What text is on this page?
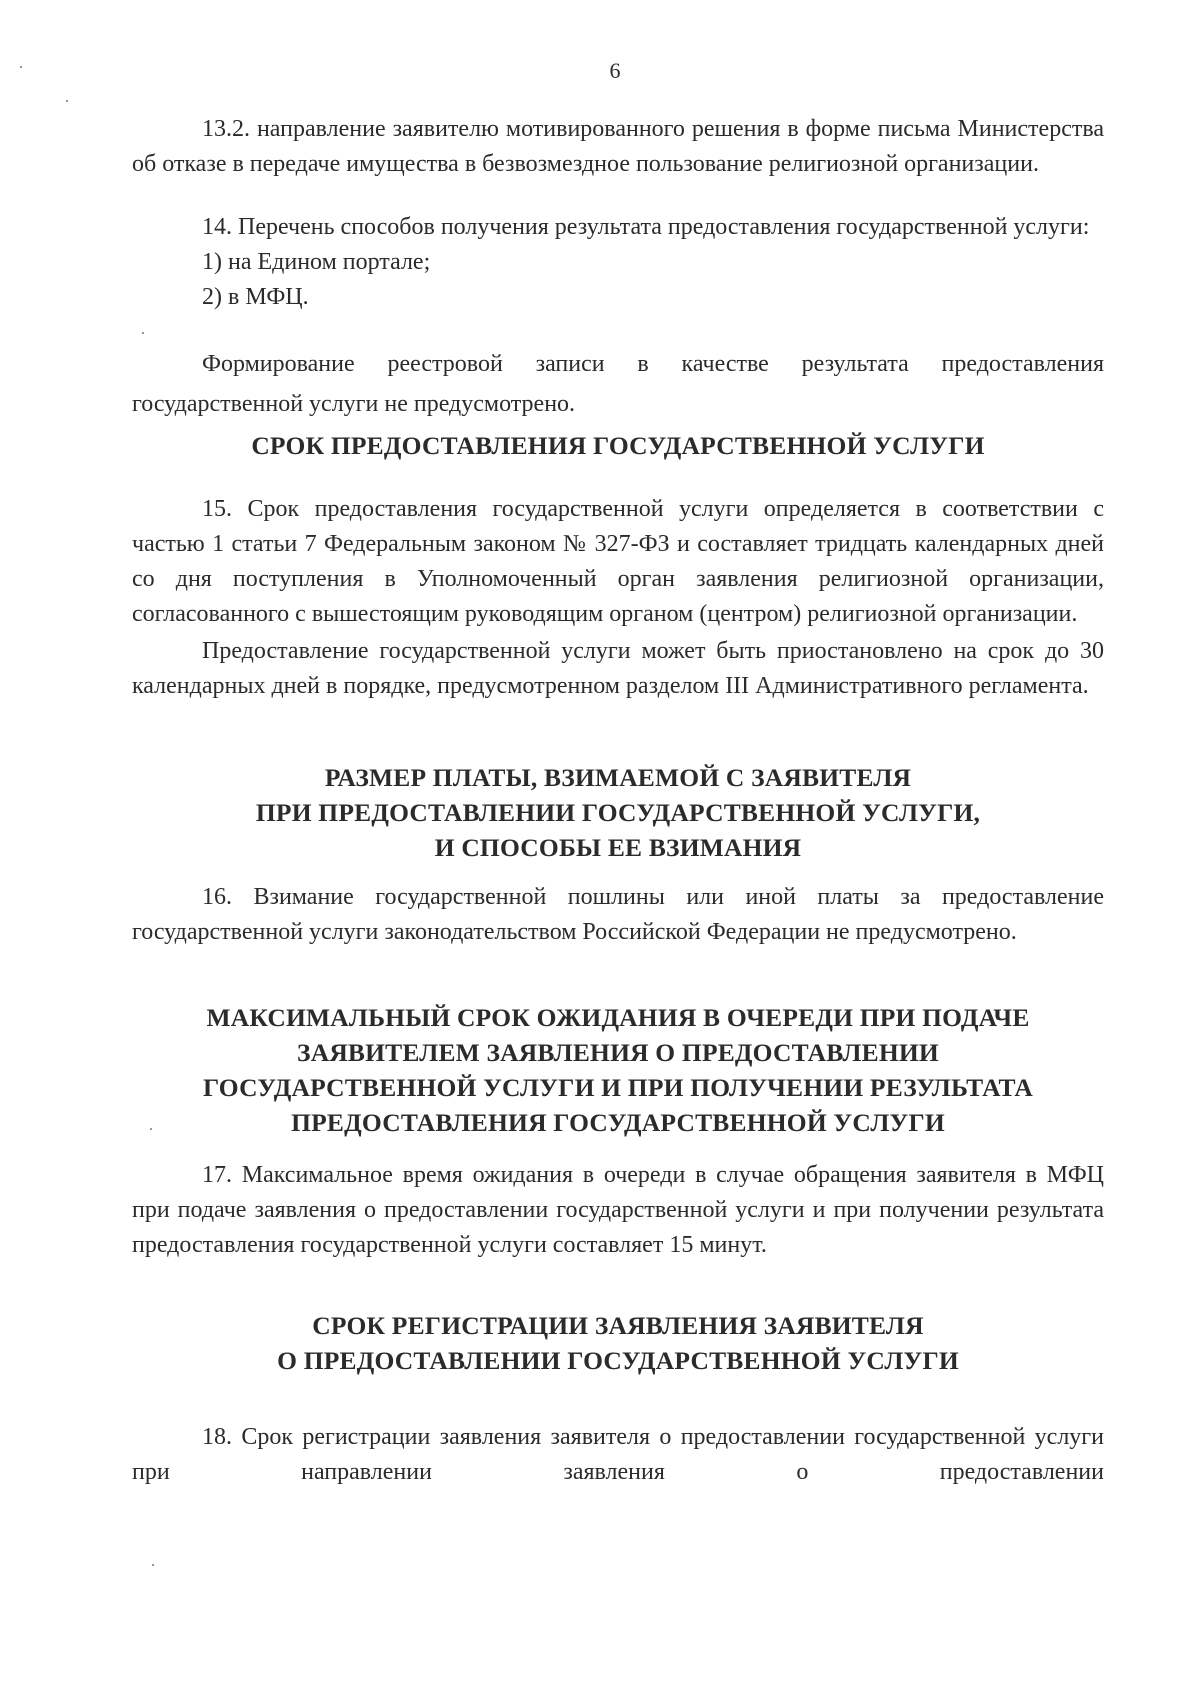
6

13.2. направление заявителю мотивированного решения в форме письма Министерства об отказе в передаче имущества в безвозмездное пользование религиозной организации.

14. Перечень способов получения результата предоставления государственной услуги:

1) на Едином портале;

2) в МФЦ.

Формирование реестровой записи в качестве результата предоставления государственной услуги не предусмотрено.

СРОК ПРЕДОСТАВЛЕНИЯ ГОСУДАРСТВЕННОЙ УСЛУГИ

15. Срок предоставления государственной услуги определяется в соответствии с частью 1 статьи 7 Федеральным законом № 327-ФЗ и составляет тридцать календарных дней со дня поступления в Уполномоченный орган заявления религиозной организации, согласованного с вышестоящим руководящим органом (центром) религиозной организации.

Предоставление государственной услуги может быть приостановлено на срок до 30 календарных дней в порядке, предусмотренном разделом III Административного регламента.

РАЗМЕР ПЛАТЫ, ВЗИМАЕМОЙ С ЗАЯВИТЕЛЯ
ПРИ ПРЕДОСТАВЛЕНИИ ГОСУДАРСТВЕННОЙ УСЛУГИ,
И СПОСОБЫ ЕЕ ВЗИМАНИЯ

16. Взимание государственной пошлины или иной платы за предоставление государственной услуги законодательством Российской Федерации не предусмотрено.

МАКСИМАЛЬНЫЙ СРОК ОЖИДАНИЯ В ОЧЕРЕДИ ПРИ ПОДАЧЕ
ЗАЯВИТЕЛЕМ ЗАЯВЛЕНИЯ О ПРЕДОСТАВЛЕНИИ
ГОСУДАРСТВЕННОЙ УСЛУГИ И ПРИ ПОЛУЧЕНИИ РЕЗУЛЬТАТА
ПРЕДОСТАВЛЕНИЯ ГОСУДАРСТВЕННОЙ УСЛУГИ

17. Максимальное время ожидания в очереди в случае обращения заявителя в МФЦ при подаче заявления о предоставлении государственной услуги и при получении результата предоставления государственной услуги составляет 15 минут.

СРОК РЕГИСТРАЦИИ ЗАЯВЛЕНИЯ ЗАЯВИТЕЛЯ
О ПРЕДОСТАВЛЕНИИ ГОСУДАРСТВЕННОЙ УСЛУГИ

18. Срок регистрации заявления заявителя о предоставлении государственной услуги при направлении заявления о предоставлении
